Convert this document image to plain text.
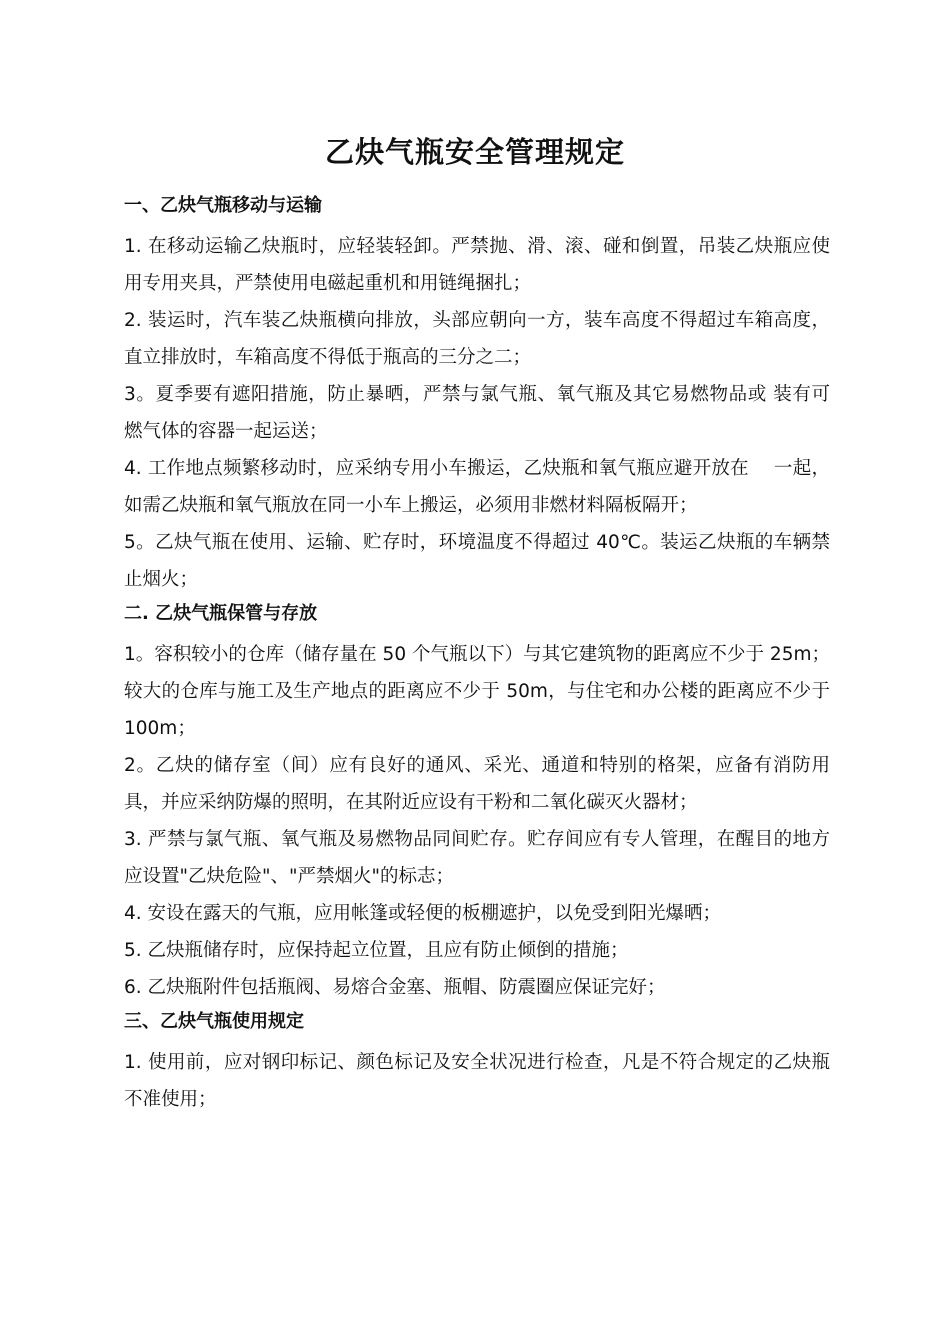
乙炔气瓶安全管理规定
一、乙炔气瓶移动与运输
1. 在移动运输乙炔瓶时，应轻装轻卸。严禁抛、滑、滚、碰和倒置，吊装乙炔瓶应使用专用夹具，严禁使用电磁起重机和用链绳捆扎；
2. 装运时，汽车装乙炔瓶横向排放，头部应朝向一方，装车高度不得超过车箱高度，直立排放时，车箱高度不得低于瓶高的三分之二；
3。夏季要有遮阳措施，防止暴晒，严禁与氯气瓶、氧气瓶及其它易燃物品或 装有可 燃气体的容器一起运送；
4. 工作地点频繁移动时，应采纳专用小车搬运，乙炔瓶和氧气瓶应避开放在　 一起，如需乙炔瓶和氧气瓶放在同一小车上搬运，必须用非燃材料隔板隔开；
5。乙炔气瓶在使用、运输、贮存时，环境温度不得超过 40℃。装运乙炔瓶的车辆禁止烟火；
二. 乙炔气瓶保管与存放
1。容积较小的仓库（储存量在 50 个气瓶以下）与其它建筑物的距离应不少于 25m；较大的仓库与施工及生产地点的距离应不少于 50m，与住宅和办公楼的距离应不少于 100m；
2。乙炔的储存室（间）应有良好的通风、采光、通道和特别的格架，应备有消防用具，并应采纳防爆的照明，在其附近应设有干粉和二氧化碳灭火器材；
3. 严禁与氯气瓶、氧气瓶及易燃物品同间贮存。贮存间应有专人管理，在醒目的地方应设置"乙炔危险"、"严禁烟火"的标志；
4. 安设在露天的气瓶，应用帐篷或轻便的板棚遮护，以免受到阳光爆晒；
5. 乙炔瓶储存时，应保持起立位置，且应有防止倾倒的措施；
6. 乙炔瓶附件包括瓶阀、易熔合金塞、瓶帽、防震圈应保证完好；
三、乙炔气瓶使用规定
1. 使用前，应对钢印标记、颜色标记及安全状况进行检查，凡是不符合规定的乙炔瓶不准使用；
